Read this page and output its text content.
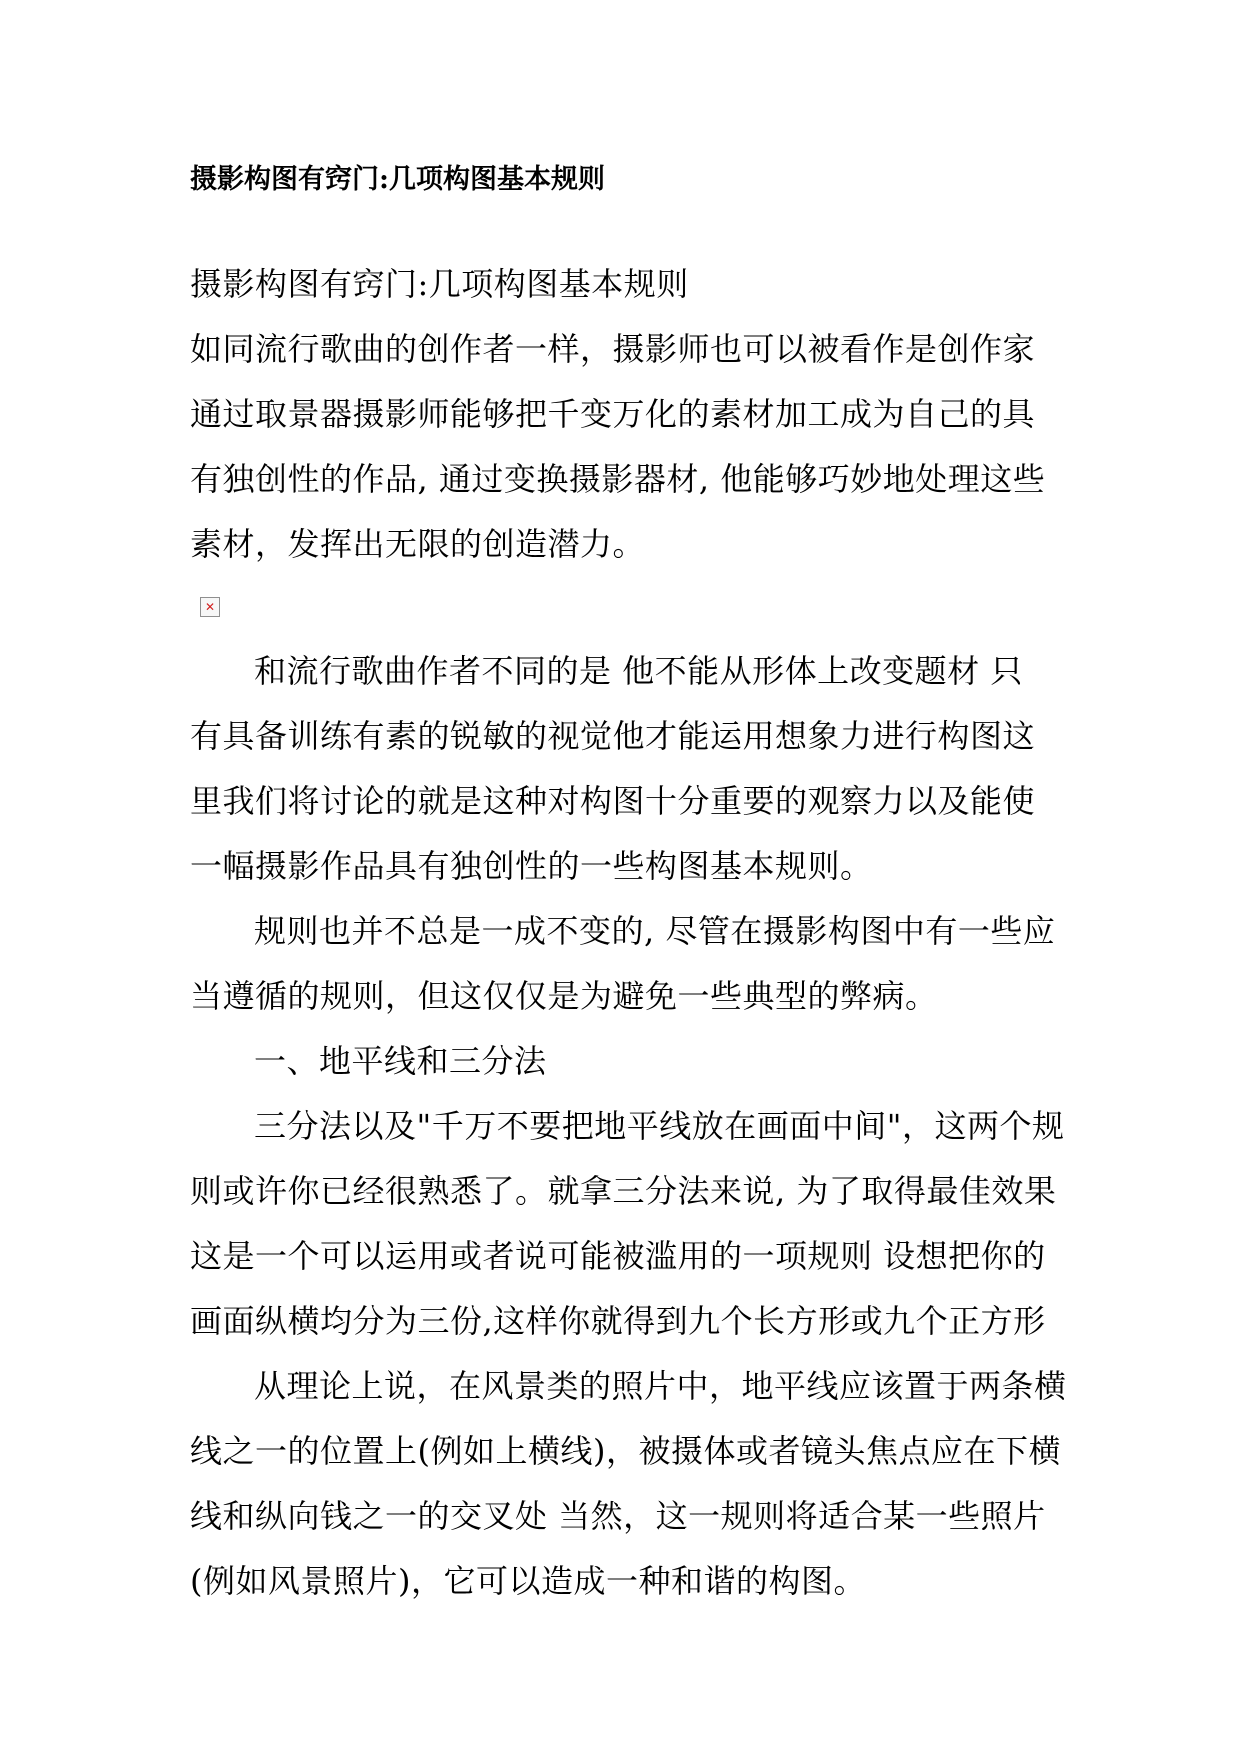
摄影构图有窍门:几项构图基本规则

摄影构图有窍门:几项构图基本规则

如同流行歌曲的创作者一样，摄影师也可以被看作是创作家

通过取景器摄影师能够把千变万化的素材加工成为自己的具

有独创性的作品, 通过变换摄影器材, 他能够巧妙地处理这些

素材，发挥出无限的创造潜力。

✕

和流行歌曲作者不同的是 他不能从形体上改变题材 只

有具备训练有素的锐敏的视觉他才能运用想象力进行构图这

里我们将讨论的就是这种对构图十分重要的观察力以及能使

一幅摄影作品具有独创性的一些构图基本规则。

规则也并不总是一成不变的, 尽管在摄影构图中有一些应

当遵循的规则，但这仅仅是为避免一些典型的弊病。

一、地平线和三分法

三分法以及"千万不要把地平线放在画面中间"，这两个规

则或许你已经很熟悉了。就拿三分法来说, 为了取得最佳效果

这是一个可以运用或者说可能被滥用的一项规则 设想把你的

画面纵横均分为三份,这样你就得到九个长方形或九个正方形

从理论上说，在风景类的照片中，地平线应该置于两条横

线之一的位置上(例如上横线)，被摄体或者镜头焦点应在下横

线和纵向钱之一的交叉处 当然，这一规则将适合某一些照片

(例如风景照片)，它可以造成一种和谐的构图。
